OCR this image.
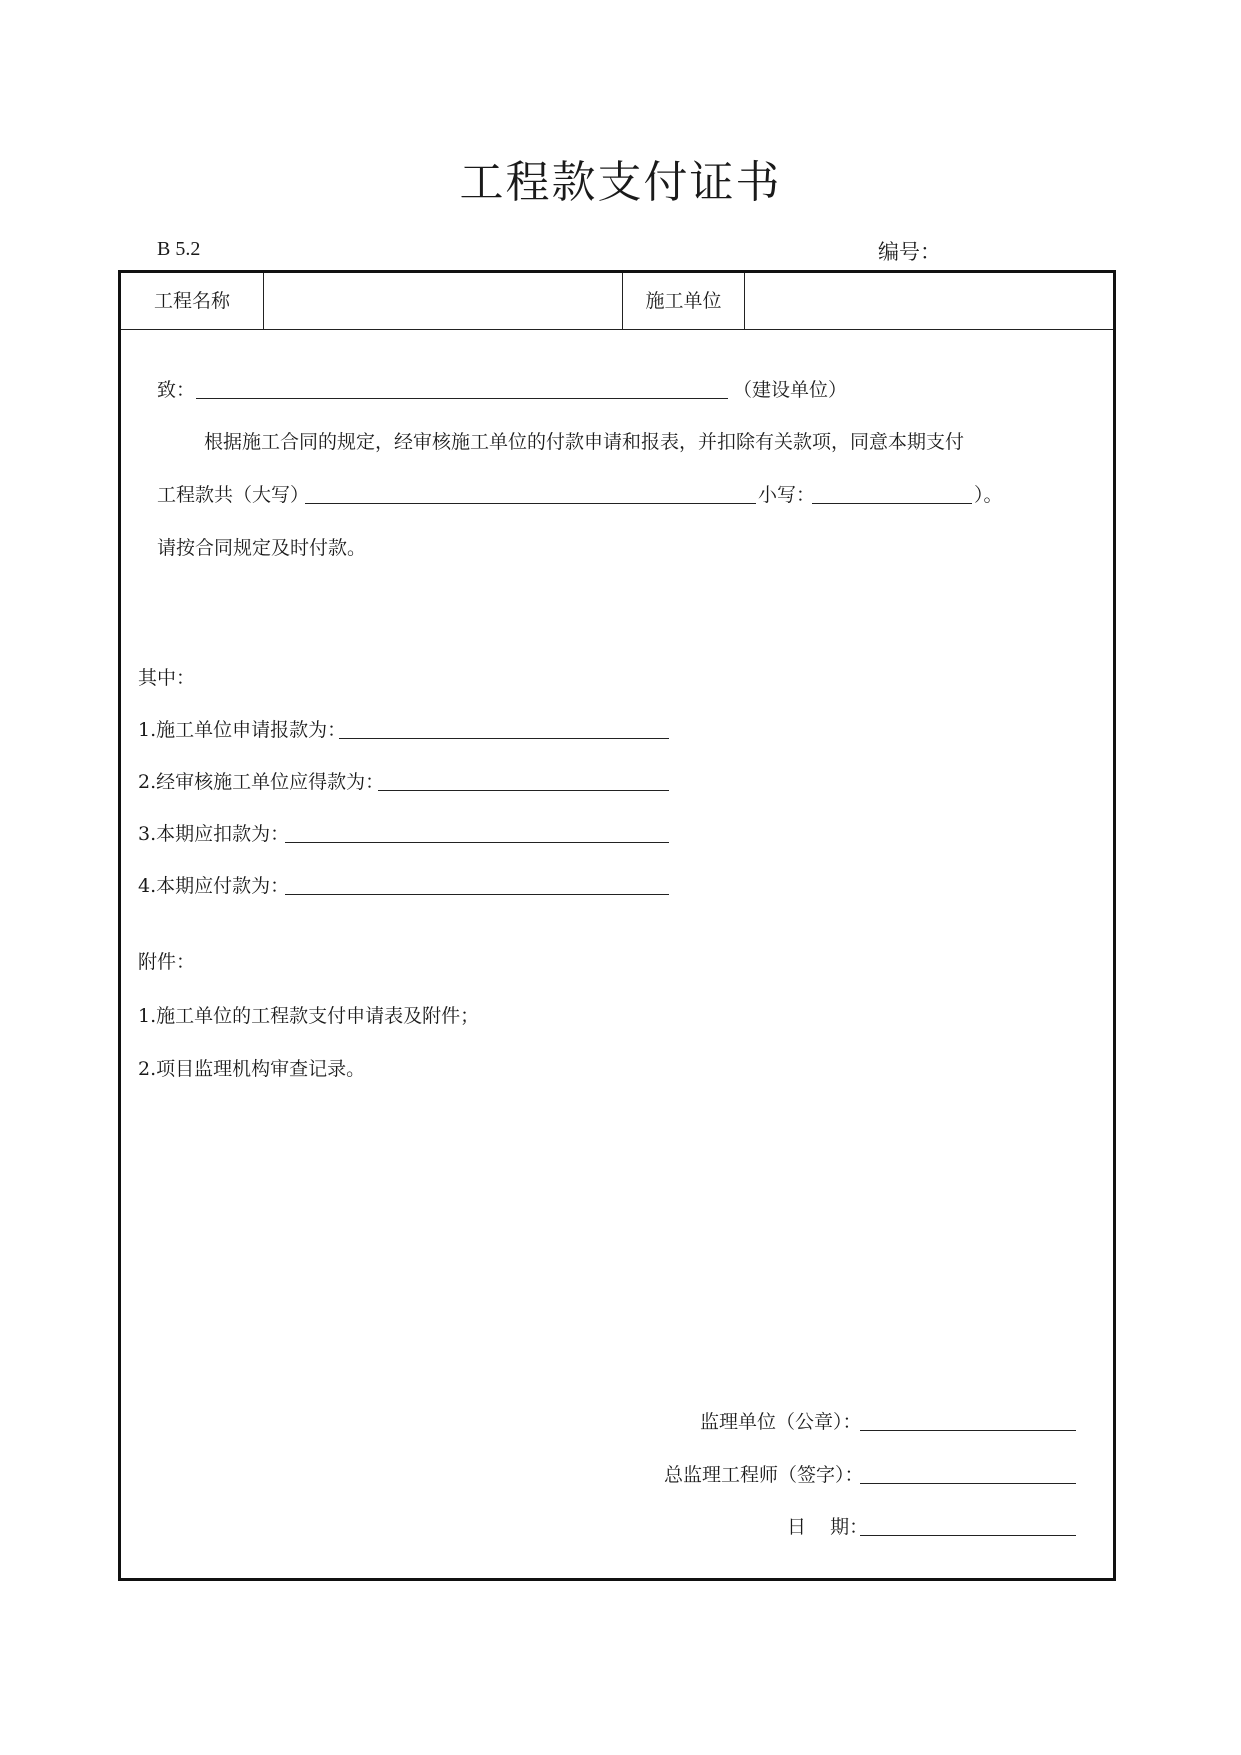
工程款支付证书
B 5.2	编号：
工程名称	施工单位
致：	（建设单位）
根据施工合同的规定，经审核施工单位的付款申请和报表，并扣除有关款项，同意本期支付
工程款共（大写）	小写：	）。
请按合同规定及时付款。
其中：
1.施工单位申请报款为：
2.经审核施工单位应得款为：
3.本期应扣款为：
4.本期应付款为：
附件：
1.施工单位的工程款支付申请表及附件；
2.项目监理机构审查记录。
监理单位（公章）：
总监理工程师（签字）：
日    期：
